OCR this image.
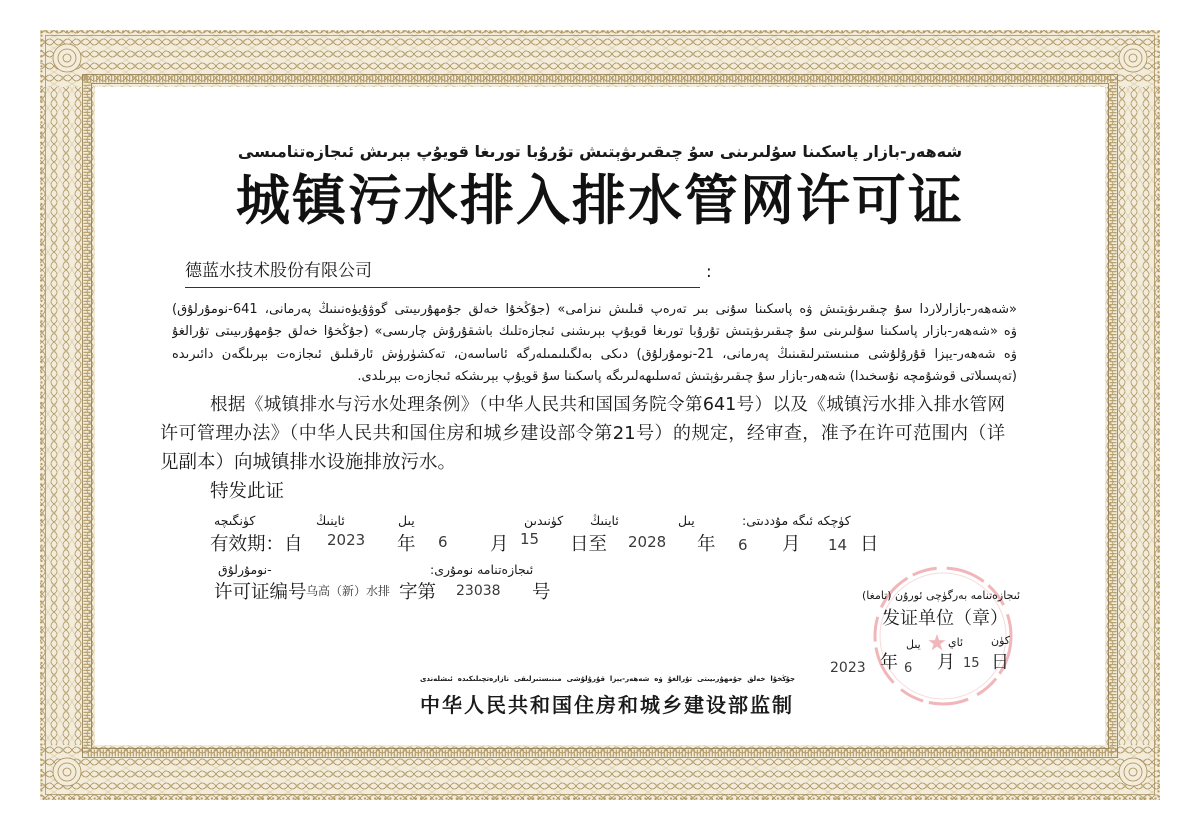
شەھەر-بازار پاسكىنا سۇلىرىنى سۇ چىقىرىۋېتىش تۇرۇبا تورىغا قويۇپ بېرىش ئىجازەتنامىسى
城镇污水排入排水管网许可证
德蓝水技术股份有限公司	:
«شەھەر-بازارلاردا سۇ چىقىرىۋېتىش ۋە پاسكىنا سۇنى بىر تەرەپ قىلىش نىزامى» (جۇڭخۇا خەلق جۇمھۇرىيىتى گوۋۇيۈەنىنىڭ پەرمانى، 641-نومۇرلۇق)
ۋە «شەھەر-بازار پاسكىنا سۇلىرىنى سۇ چىقىرىۋېتىش تۇرۇبا تورىغا قويۇپ بېرىشنى ئىجازەتلىك باشقۇرۇش چارىسى» (جۇڭخۇا خەلق جۇمھۇرىيىتى تۇرالغۇ
ۋە شەھەر-يېزا قۇرۇلۇشى مىنىستىرلىقىنىڭ پەرمانى، 21-نومۇرلۇق) دىكى بەلگىلىمىلەرگە ئاساسەن، تەكشۈرۈش ئارقىلىق ئىجازەت بېرىلگەن دائىرىدە
(تەپسىلاتى قوشۇمچە نۇسخىدا) شەھەر-بازار سۇ چىقىرىۋېتىش ئەسلىھەلىرىگە پاسكىنا سۇ قويۇپ بېرىشكە ئىجازەت بېرىلدى.
根据《城镇排水与污水处理条例》（中华人民共和国国务院令第641号）以及《城镇污水排入排水管网
许可管理办法》（中华人民共和国住房和城乡建设部令第21号）的规定，经审查，准予在许可范围内（详
见副本）向城镇排水设施排放污水。
特发此证
كۈنگىچە	ئاينىڭ	يىل	كۈنىدىن ئاينىڭ	يىل	كۈچكە ئىگە مۇددىتى:
有效期：自 2023 年 6 月 15 日至 2028 年 6 月 14 日
-نومۇرلۇق	ئىجازەتنامە نومۇرى:
许可证编号 乌高（新）水排 字第 23038 号	ئىجازەتنامە بەرگۈچى ئورۇن (تامغا)
发证单位（章）
يىل ئاي	كۈن
2023 年 6 月 15 日
جۇڭخۇا خەلق جۇمھۇرىيىتى تۇرالغۇ ۋە شەھەر-يېزا قۇرۇلۇشى مىنىستىرلىقى نازارەتچىلىكىدە ئىشلەندى
中华人民共和国住房和城乡建设部监制
